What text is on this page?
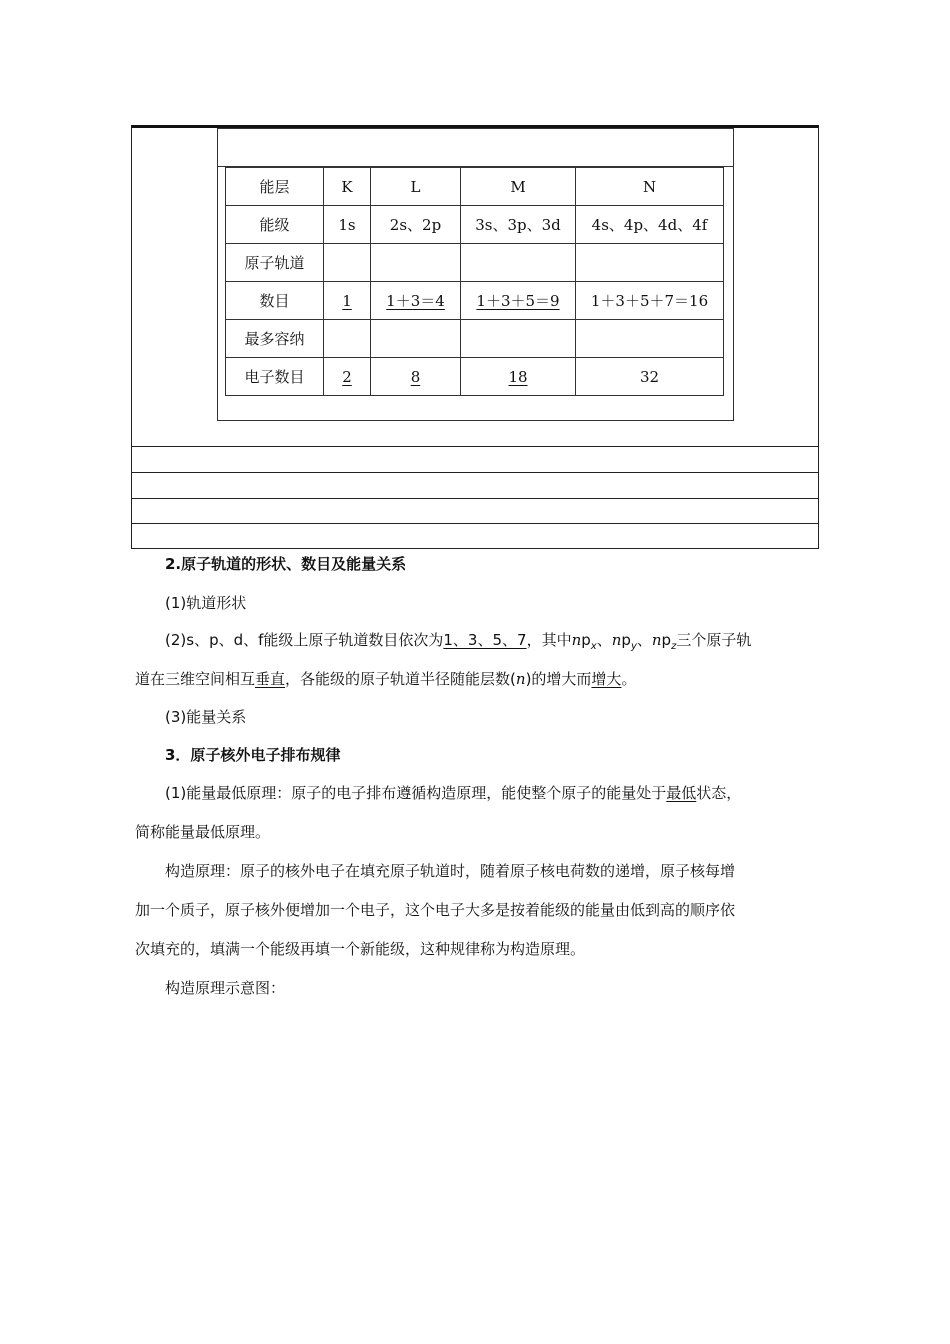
能层	K	L	M	N
能级	1s	2s、2p	3s、3p、3d	4s、4p、4d、4f
原子轨道				
数目	1	1＋3＝4	1＋3＋5＝9	1＋3＋5＋7＝16
最多容纳				
电子数目	2	8	18	32
2.原子轨道的形状、数目及能量关系
(1)轨道形状
(2)s、p、d、f能级上原子轨道数目依次为1、3、5、7，其中$np_x$、$np_y$、$np_z$三个原子轨
道在三维空间相互垂直，各能级的原子轨道半径随能层数(n)的增大而增大。
(3)能量关系
3．原子核外电子排布规律
(1)能量最低原理：原子的电子排布遵循构造原理，能使整个原子的能量处于最低状态，
简称能量最低原理。
构造原理：原子的核外电子在填充原子轨道时，随着原子核电荷数的递增，原子核每增
加一个质子，原子核外便增加一个电子，这个电子大多是按着能级的能量由低到高的顺序依
次填充的，填满一个能级再填一个新能级，这种规律称为构造原理。
构造原理示意图：
